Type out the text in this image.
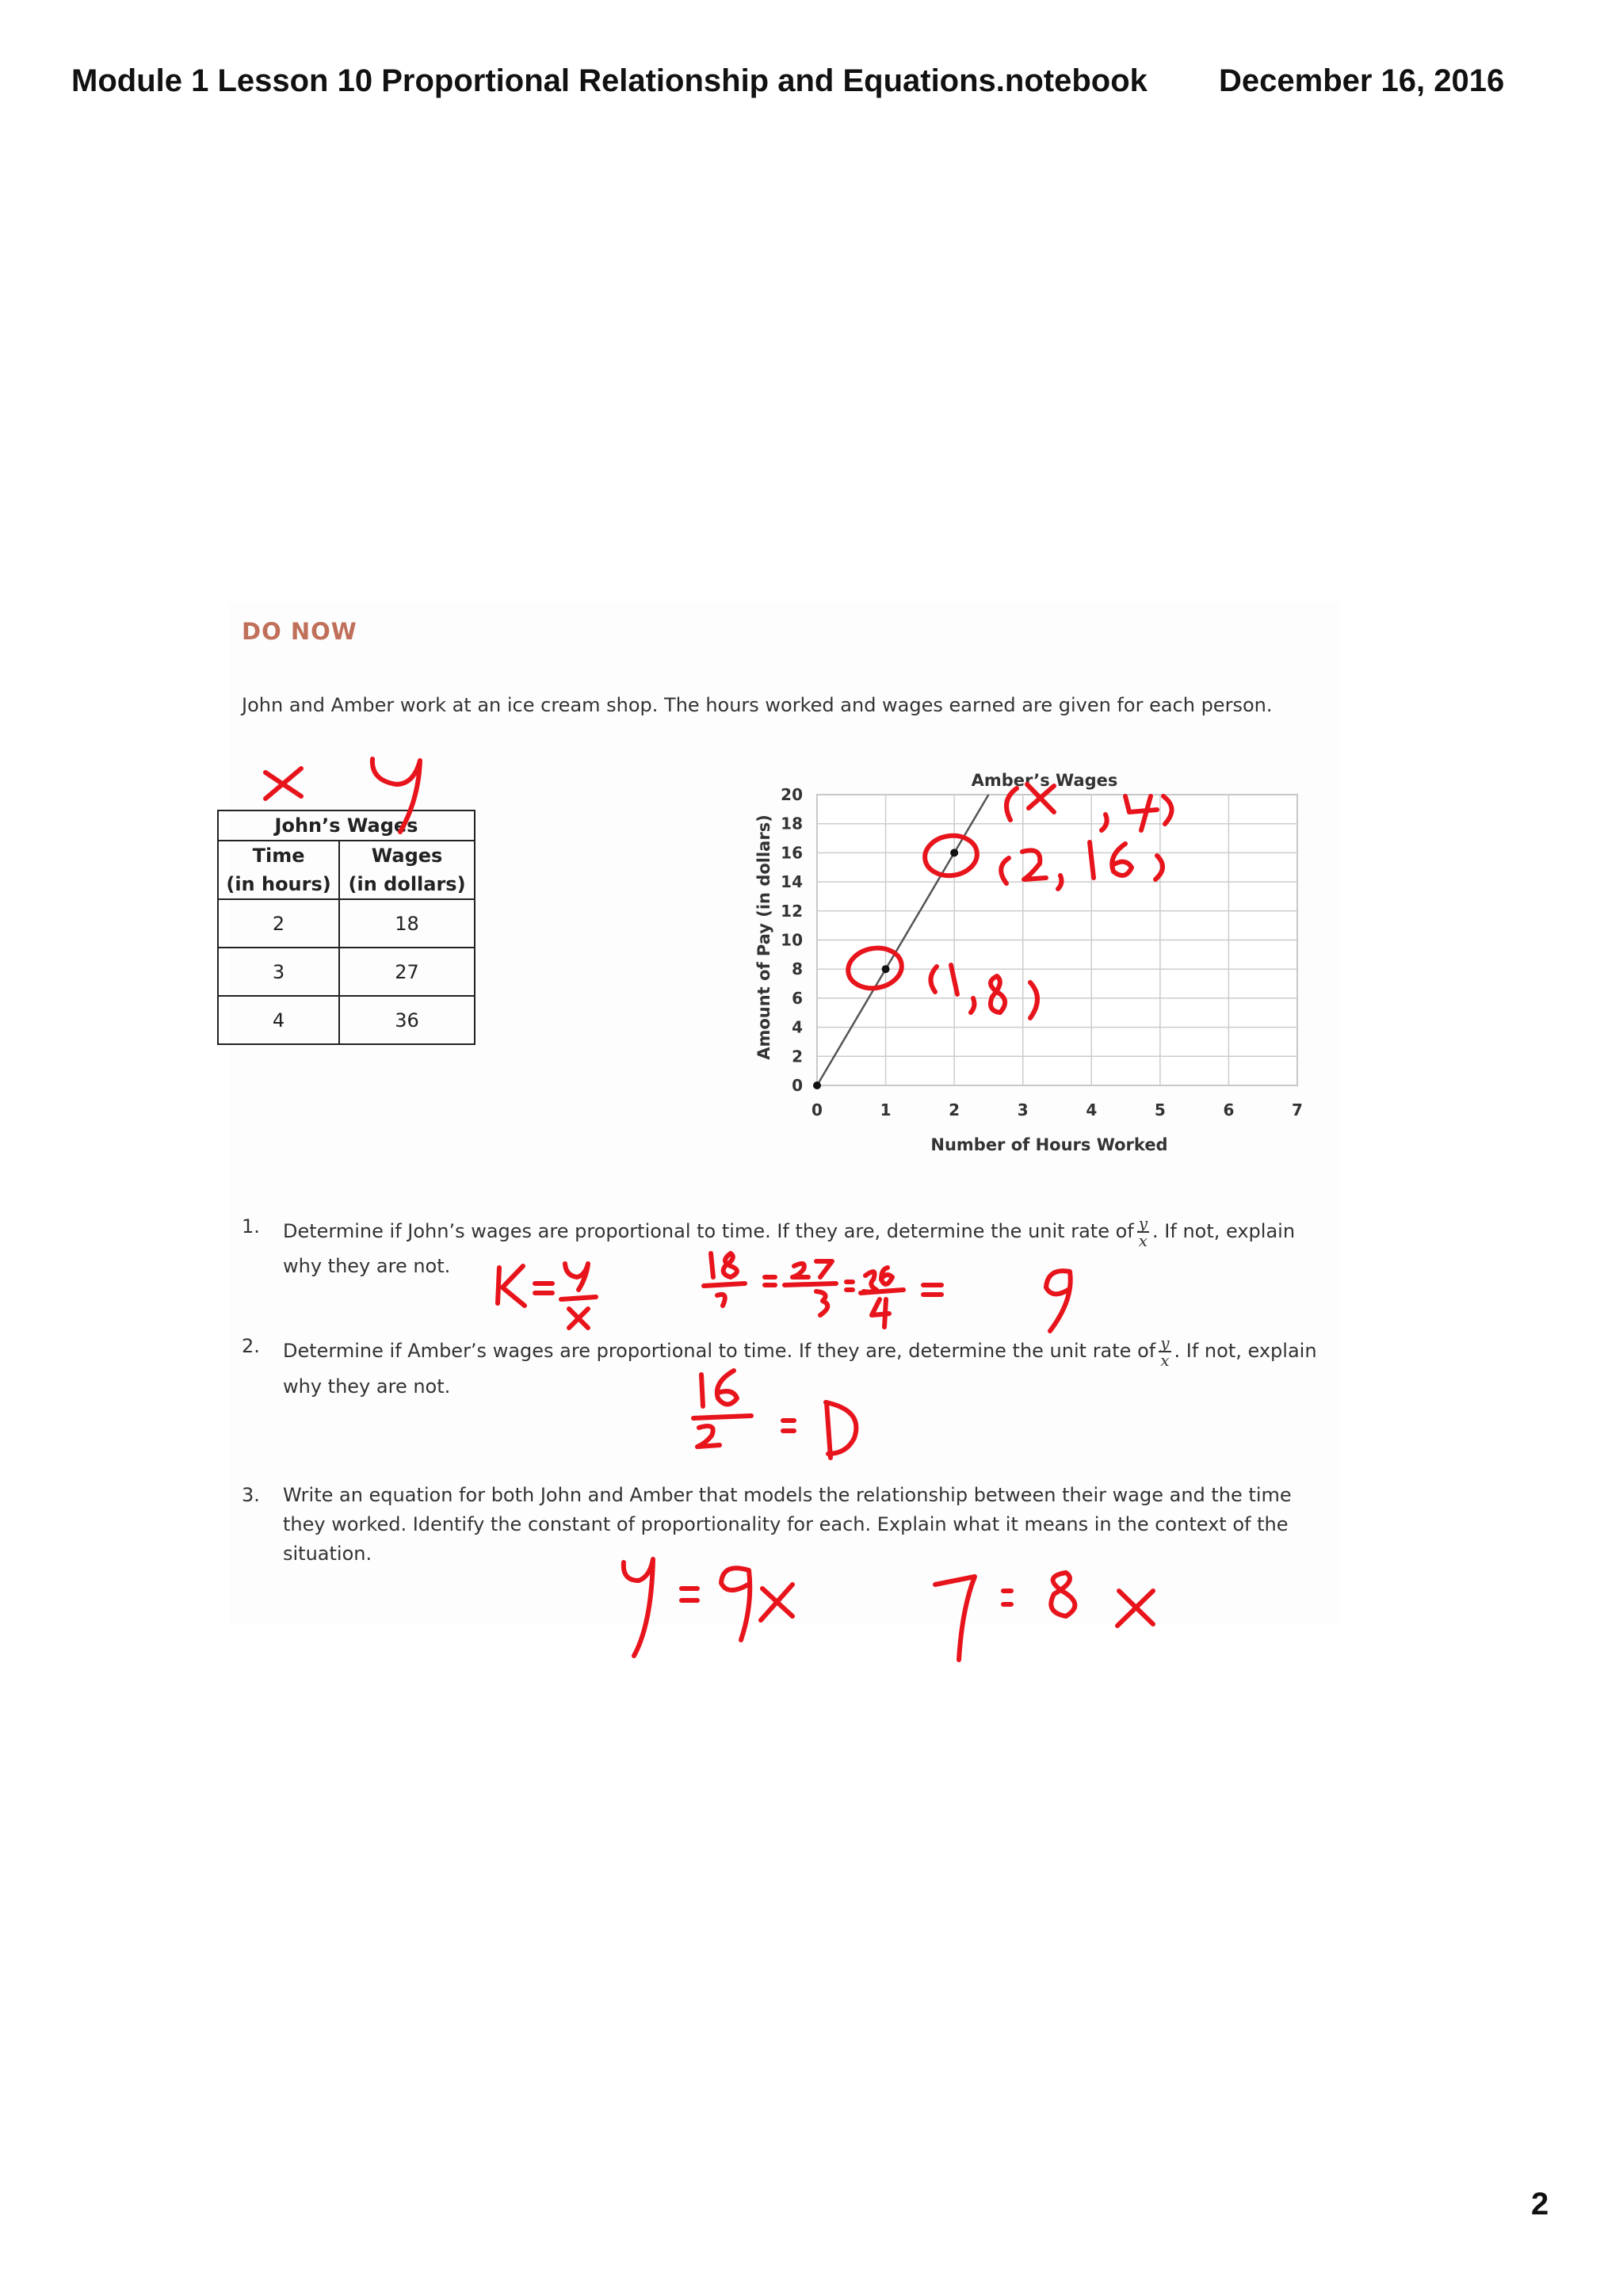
Module 1 Lesson 10 Proportional Relationship and Equations.notebook December 16, 2016
DO NOW
John and Amber work at an ice cream shop. The hours worked and wages earned are given for each person.
John’s Wages	
Time
(in hours)	Wages
(in dollars)
2	18
3	27
4	36
0
2
4
6
8
10
12
14
16
18
20
0	1	2	3	4	5	6	7
Amber’s Wages
Number of Hours Worked
Amount of Pay (in dollars)
1. Determine if John’s wages are proportional to time. If they are, determine the unit rate of $\frac{y}{x}$ . If not, explain
why they are not.
2. Determine if Amber’s wages are proportional to time. If they are, determine the unit rate of $\frac{y}{x}$ . If not, explain
why they are not.
3. Write an equation for both John and Amber that models the relationship between their wage and the time
they worked. Identify the constant of proportionality for each. Explain what it means in the context of the
situation.
2
